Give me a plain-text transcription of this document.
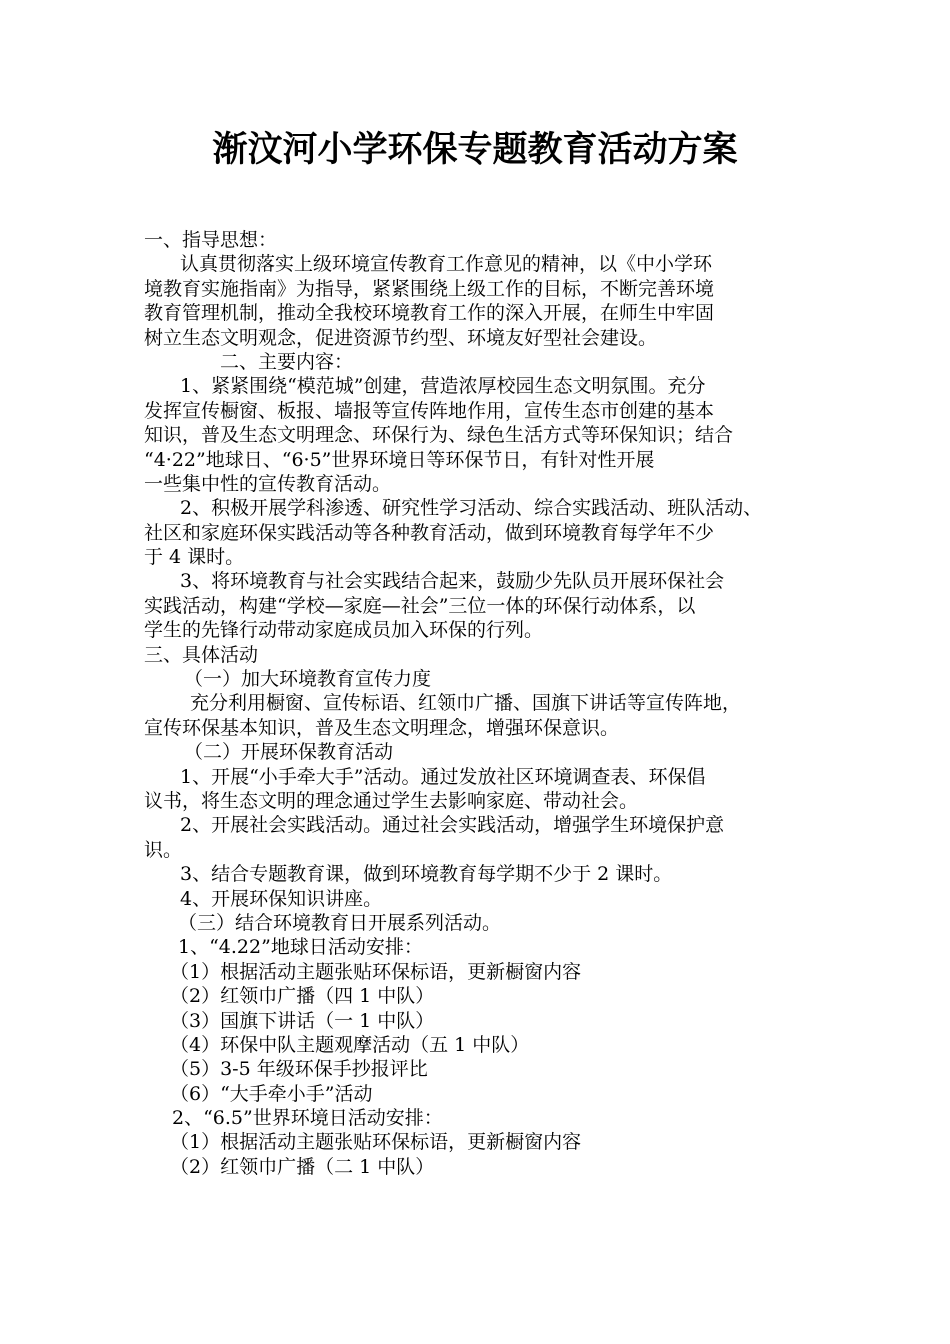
渐汶河小学环保专题教育活动方案

一、指导思想：

认真贯彻落实上级环境宣传教育工作意见的精神，以《中小学环

境教育实施指南》为指导，紧紧围绕上级工作的目标，不断完善环境

教育管理机制，推动全我校环境教育工作的深入开展，在师生中牢固

树立生态文明观念，促进资源节约型、环境友好型社会建设。

二、主要内容：

1、紧紧围绕“模范城”创建，营造浓厚校园生态文明氛围。充分

发挥宣传橱窗、板报、墙报等宣传阵地作用，宣传生态市创建的基本

知识，普及生态文明理念、环保行为、绿色生活方式等环保知识；结合

“4·22”地球日、“6·5”世界环境日等环保节日，有针对性开展

一些集中性的宣传教育活动。

2、积极开展学科渗透、研究性学习活动、综合实践活动、班队活动、

社区和家庭环保实践活动等各种教育活动，做到环境教育每学年不少

于 4 课时。

3、将环境教育与社会实践结合起来，鼓励少先队员开展环保社会

实践活动，构建“学校—家庭—社会”三位一体的环保行动体系，以

学生的先锋行动带动家庭成员加入环保的行列。

三、具体活动

（一）加大环境教育宣传力度

充分利用橱窗、宣传标语、红领巾广播、国旗下讲话等宣传阵地，

宣传环保基本知识，普及生态文明理念，增强环保意识。

（二）开展环保教育活动

1、开展“小手牵大手”活动。通过发放社区环境调查表、环保倡

议书，将生态文明的理念通过学生去影响家庭、带动社会。

2、开展社会实践活动。通过社会实践活动，增强学生环境保护意

识。

3、结合专题教育课，做到环境教育每学期不少于 2 课时。

4、开展环保知识讲座。

（三）结合环境教育日开展系列活动。

1、“4.22”地球日活动安排：

（1）根据活动主题张贴环保标语，更新橱窗内容

（2）红领巾广播（四 1 中队）

（3）国旗下讲话（一 1 中队）

（4）环保中队主题观摩活动（五 1 中队）

（5）3-5 年级环保手抄报评比

（6）“大手牵小手”活动

2、“6.5”世界环境日活动安排：

（1）根据活动主题张贴环保标语，更新橱窗内容

（2）红领巾广播（二 1 中队）
